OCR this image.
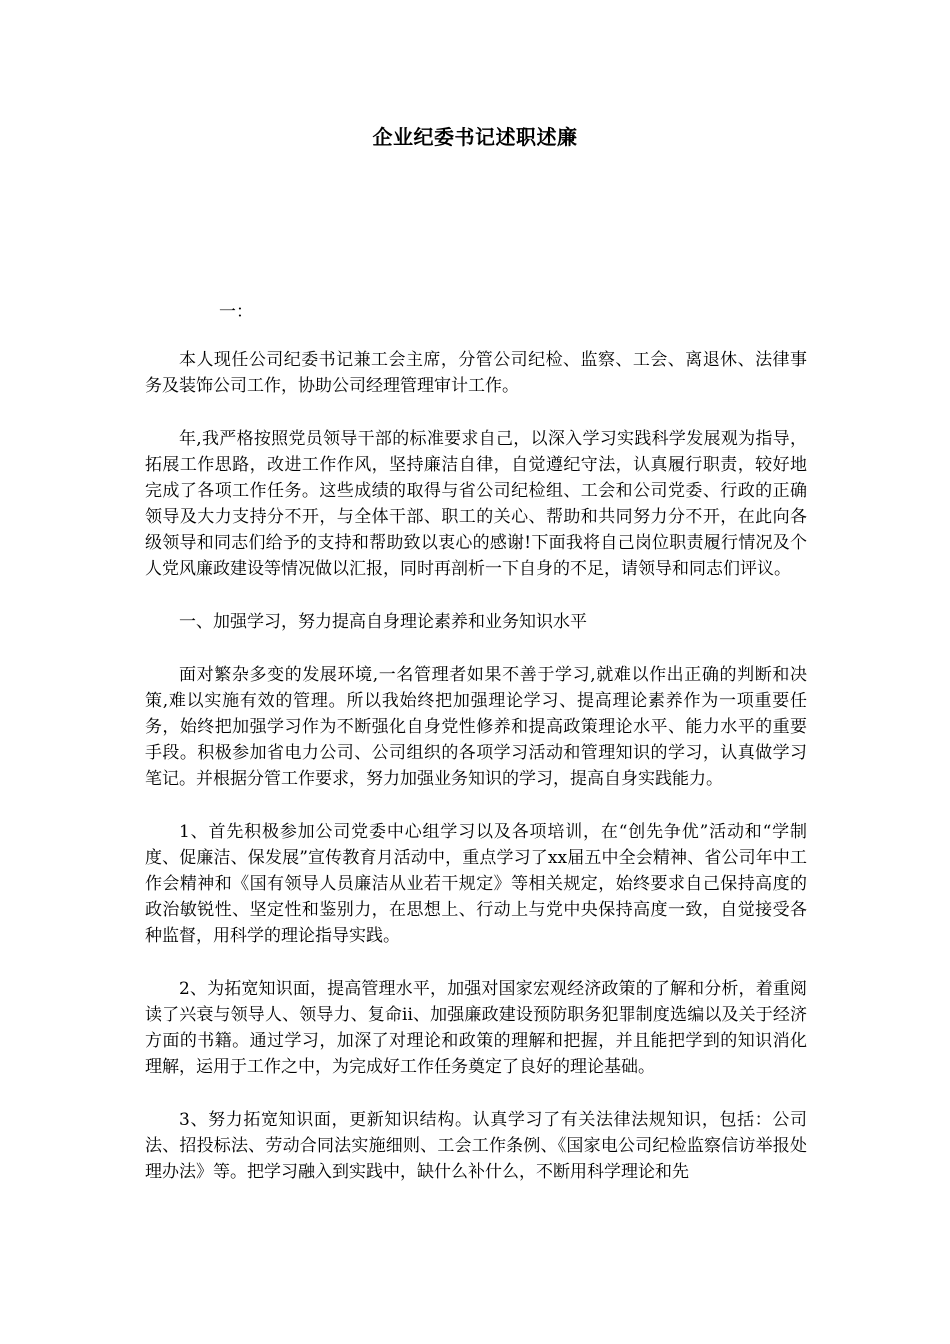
企业纪委书记述职述廉
一：

本人现任公司纪委书记兼工会主席，分管公司纪检、监察、工会、离退休、法律事务及装饰公司工作，协助公司经理管理审计工作。

年,我严格按照党员领导干部的标准要求自己，以深入学习实践科学发展观为指导，拓展工作思路，改进工作作风，坚持廉洁自律，自觉遵纪守法，认真履行职责，较好地完成了各项工作任务。这些成绩的取得与省公司纪检组、工会和公司党委、行政的正确领导及大力支持分不开，与全体干部、职工的关心、帮助和共同努力分不开，在此向各级领导和同志们给予的支持和帮助致以衷心的感谢!下面我将自己岗位职责履行情况及个人党风廉政建设等情况做以汇报，同时再剖析一下自身的不足，请领导和同志们评议。

一、加强学习，努力提高自身理论素养和业务知识水平

面对繁杂多变的发展环境,一名管理者如果不善于学习,就难以作出正确的判断和决策,难以实施有效的管理。所以我始终把加强理论学习、提高理论素养作为一项重要任务，始终把加强学习作为不断强化自身党性修养和提高政策理论水平、能力水平的重要手段。积极参加省电力公司、公司组织的各项学习活动和管理知识的学习，认真做学习笔记。并根据分管工作要求，努力加强业务知识的学习，提高自身实践能力。

1、首先积极参加公司党委中心组学习以及各项培训，在“创先争优”活动和“学制度、促廉洁、保发展”宣传教育月活动中，重点学习了xx届五中全会精神、省公司年中工作会精神和《国有领导人员廉洁从业若干规定》等相关规定，始终要求自己保持高度的政治敏锐性、坚定性和鉴别力，在思想上、行动上与党中央保持高度一致，自觉接受各种监督，用科学的理论指导实践。

2、为拓宽知识面，提高管理水平，加强对国家宏观经济政策的了解和分析，着重阅读了兴衰与领导人、领导力、复命ii、加强廉政建设预防职务犯罪制度选编以及关于经济方面的书籍。通过学习，加深了对理论和政策的理解和把握，并且能把学到的知识消化理解，运用于工作之中，为完成好工作任务奠定了良好的理论基础。

3、努力拓宽知识面，更新知识结构。认真学习了有关法律法规知识，包括：公司法、招投标法、劳动合同法实施细则、工会工作条例、《国家电公司纪检监察信访举报处理办法》等。把学习融入到实践中，缺什么补什么，不断用科学理论和先
